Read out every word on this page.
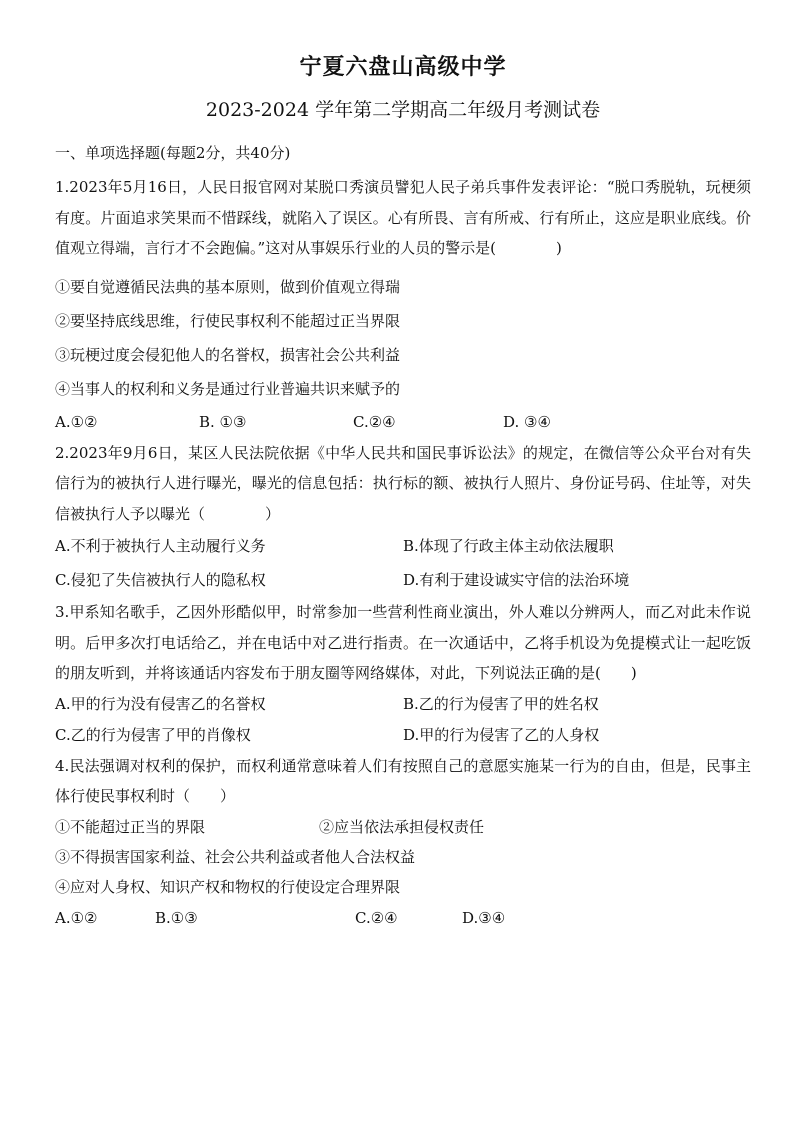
宁夏六盘山高级中学
2023-2024 学年第二学期高二年级月考测试卷

一、单项选择题(每题2分，共40分)

1.2023年5月16日，人民日报官网对某脱口秀演员譬犯人民子弟兵事件发表评论：“脱口秀脱轨，玩梗须有度。片面追求笑果而不惜踩线，就陷入了误区。心有所畏、言有所戒、行有所止，这应是职业底线。价值观立得端，言行才不会跑偏。”这对从事娱乐行业的人员的警示是(　　　　)

①要自觉遵循民法典的基本原则，做到价值观立得瑞

②要坚持底线思维，行使民事权利不能超过正当界限

③玩梗过度会侵犯他人的名誉权，损害社会公共利益

④当事人的权利和义务是通过行业普遍共识来赋予的

A.①②	B. ①③	C.②④	D. ③④

2.2023年9月6日，某区人民法院依据《中华人民共和国民事诉讼法》的规定，在微信等公众平台对有失信行为的被执行人进行曝光，曝光的信息包括：执行标的额、被执行人照片、身份证号码、住址等，对失信被执行人予以曝光（　　　　）

A.不利于被执行人主动履行义务	B.体现了行政主体主动依法履职
C.侵犯了失信被执行人的隐私权	D.有利于建设诚实守信的法治环境

3.甲系知名歌手，乙因外形酷似甲，时常参加一些营利性商业演出，外人难以分辨两人，而乙对此未作说明。后甲多次打电话给乙，并在电话中对乙进行指责。在一次通话中，乙将手机设为免提模式让一起吃饭的朋友听到，并将该通话内容发布于朋友圈等网络媒体，对此，下列说法正确的是(　　)

A.甲的行为没有侵害乙的名誉权	B.乙的行为侵害了甲的姓名权
C.乙的行为侵害了甲的肖像权	D.甲的行为侵害了乙的人身权

4.民法强调对权利的保护，而权利通常意味着人们有按照自己的意愿实施某一行为的自由，但是，民事主体行使民事权利时（　　）

①不能超过正当的界限	②应当依法承担侵权责任

③不得损害国家利益、社会公共利益或者他人合法权益

④应对人身权、知识产权和物权的行使设定合理界限

A.①②	B.①③	C.②④	D.③④
